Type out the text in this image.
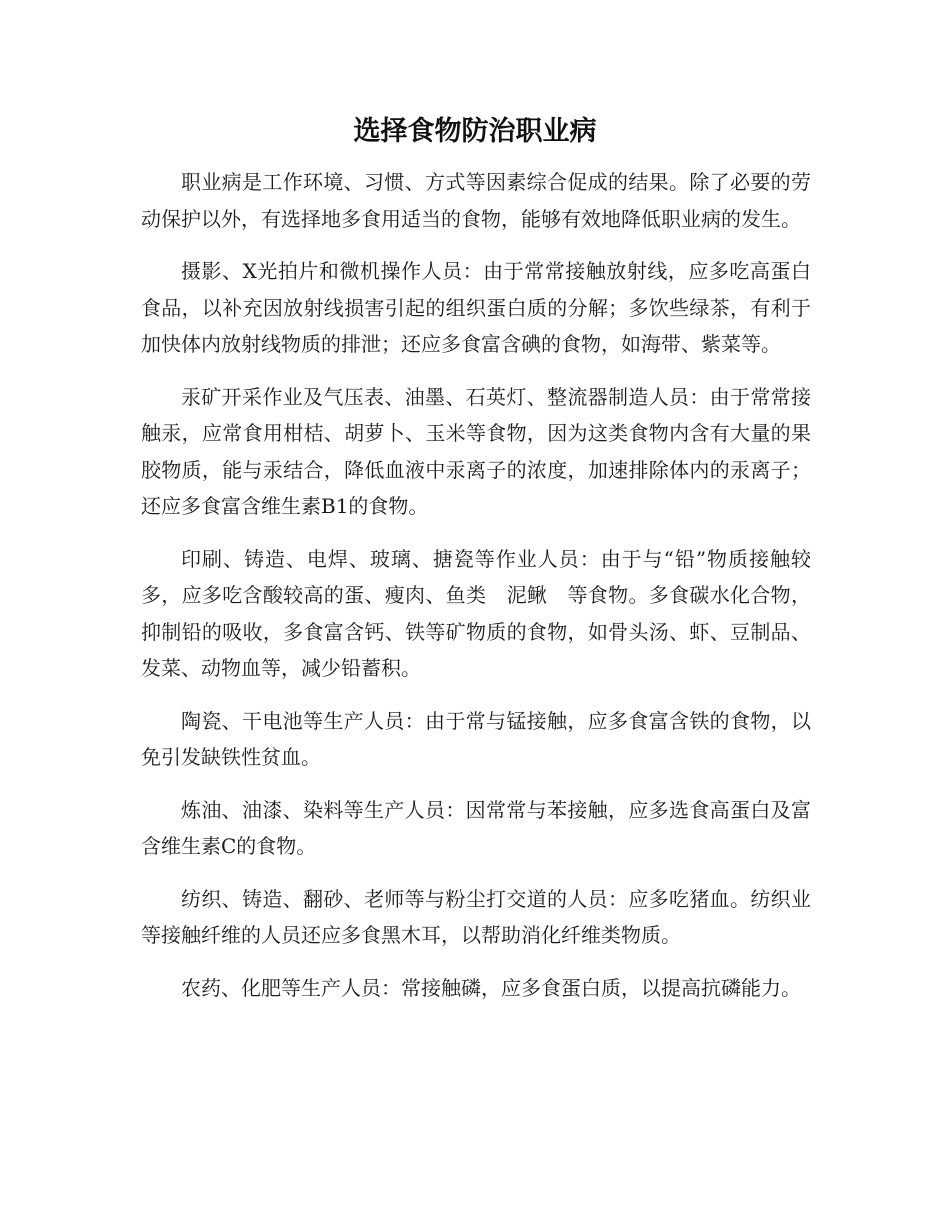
选择食物防治职业病

职业病是工作环境、习惯、方式等因素综合促成的结果。除了必要的劳动保护以外，有选择地多食用适当的食物，能够有效地降低职业病的发生。

摄影、X光拍片和微机操作人员：由于常常接触放射线，应多吃高蛋白食品，以补充因放射线损害引起的组织蛋白质的分解；多饮些绿茶，有利于加快体内放射线物质的排泄；还应多食富含碘的食物，如海带、紫菜等。

汞矿开采作业及气压表、油墨、石英灯、整流器制造人员：由于常常接触汞，应常食用柑桔、胡萝卜、玉米等食物，因为这类食物内含有大量的果胶物质，能与汞结合，降低血液中汞离子的浓度，加速排除体内的汞离子；还应多食富含维生素B1的食物。

印刷、铸造、电焊、玻璃、搪瓷等作业人员：由于与“铅”物质接触较多，应多吃含酸较高的蛋、瘦肉、鱼类　泥鳅　等食物。多食碳水化合物，抑制铅的吸收，多食富含钙、铁等矿物质的食物，如骨头汤、虾、豆制品、发菜、动物血等，减少铅蓄积。

陶瓷、干电池等生产人员：由于常与锰接触，应多食富含铁的食物，以免引发缺铁性贫血。

炼油、油漆、染料等生产人员：因常常与苯接触，应多选食高蛋白及富含维生素C的食物。

纺织、铸造、翻砂、老师等与粉尘打交道的人员：应多吃猪血。纺织业等接触纤维的人员还应多食黑木耳，以帮助消化纤维类物质。

农药、化肥等生产人员：常接触磷，应多食蛋白质，以提高抗磷能力。
